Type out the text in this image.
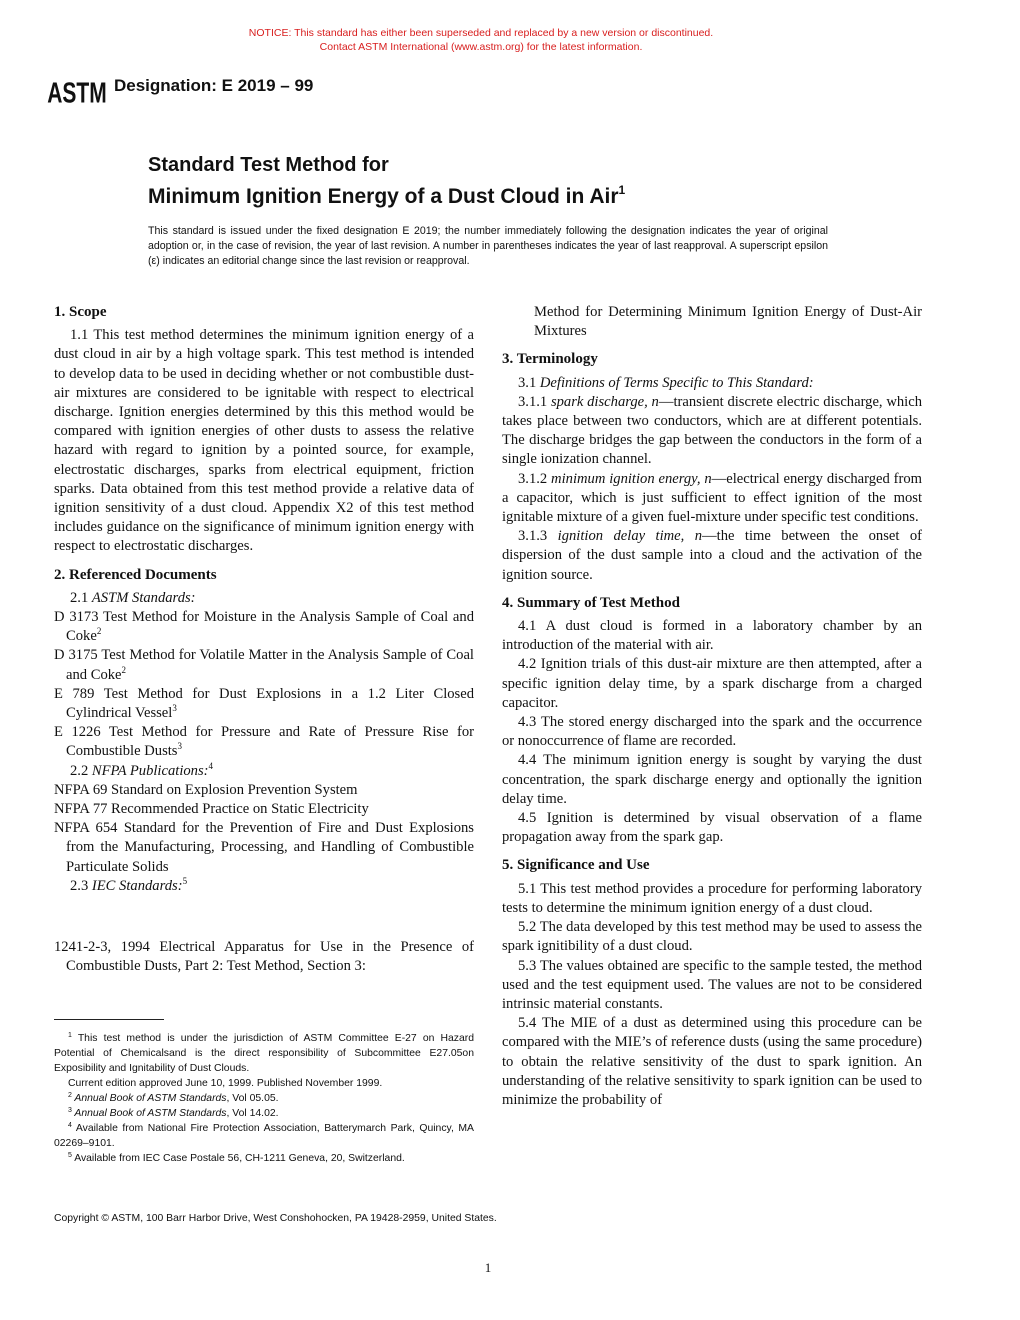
NOTICE: This standard has either been superseded and replaced by a new version or discontinued.
Contact ASTM International (www.astm.org) for the latest information.
ASTM Designation: E 2019 – 99
Standard Test Method for
Minimum Ignition Energy of a Dust Cloud in Air$^1$
This standard is issued under the fixed designation E 2019; the number immediately following the designation indicates the year of original adoption or, in the case of revision, the year of last revision. A number in parentheses indicates the year of last reapproval. A superscript epsilon (ε) indicates an editorial change since the last revision or reapproval.
1. Scope

1.1 This test method determines the minimum ignition energy of a dust cloud in air by a high voltage spark. This test method is intended to develop data to be used in deciding whether or not combustible dust-air mixtures are considered to be ignitable with respect to electrical discharge. Ignition energies determined by this this method would be compared with ignition energies of other dusts to assess the relative hazard with regard to ignition by a pointed source, for example, electrostatic discharges, sparks from electrical equipment, friction sparks. Data obtained from this test method provide a relative data of ignition sensitivity of a dust cloud. Appendix X2 of this test method includes guidance on the significance of minimum ignition energy with respect to electrostatic discharges.

2. Referenced Documents

2.1 ASTM Standards:

D 3173 Test Method for Moisture in the Analysis Sample of Coal and Coke$^2$

D 3175 Test Method for Volatile Matter in the Analysis Sample of Coal and Coke$^2$

E 789 Test Method for Dust Explosions in a 1.2 Liter Closed Cylindrical Vessel$^3$

E 1226 Test Method for Pressure and Rate of Pressure Rise for Combustible Dusts$^3$

2.2 NFPA Publications:$^4$

NFPA 69 Standard on Explosion Prevention System

NFPA 77 Recommended Practice on Static Electricity

NFPA 654 Standard for the Prevention of Fire and Dust Explosions from the Manufacturing, Processing, and Handling of Combustible Particulate Solids

2.3 IEC Standards:$^5$

1241-2-3, 1994 Electrical Apparatus for Use in the Presence of Combustible Dusts, Part 2: Test Method, Section 3:

Method for Determining Minimum Ignition Energy of Dust-Air Mixtures

3. Terminology

3.1 Definitions of Terms Specific to This Standard:

3.1.1 spark discharge, n—transient discrete electric discharge, which takes place between two conductors, which are at different potentials. The discharge bridges the gap between the conductors in the form of a single ionization channel.

3.1.2 minimum ignition energy, n—electrical energy discharged from a capacitor, which is just sufficient to effect ignition of the most ignitable mixture of a given fuel-mixture under specific test conditions.

3.1.3 ignition delay time, n—the time between the onset of dispersion of the dust sample into a cloud and the activation of the ignition source.

4. Summary of Test Method

4.1 A dust cloud is formed in a laboratory chamber by an introduction of the material with air.

4.2 Ignition trials of this dust-air mixture are then attempted, after a specific ignition delay time, by a spark discharge from a charged capacitor.

4.3 The stored energy discharged into the spark and the occurrence or nonoccurrence of flame are recorded.

4.4 The minimum ignition energy is sought by varying the dust concentration, the spark discharge energy and optionally the ignition delay time.

4.5 Ignition is determined by visual observation of a flame propagation away from the spark gap.

5. Significance and Use

5.1 This test method provides a procedure for performing laboratory tests to determine the minimum ignition energy of a dust cloud.

5.2 The data developed by this test method may be used to assess the spark ignitibility of a dust cloud.

5.3 The values obtained are specific to the sample tested, the method used and the test equipment used. The values are not to be considered intrinsic material constants.

5.4 The MIE of a dust as determined using this procedure can be compared with the MIE’s of reference dusts (using the same procedure) to obtain the relative sensitivity of the dust to spark ignition. An understanding of the relative sensitivity to spark ignition can be used to minimize the probability of

$^1$ This test method is under the jurisdiction of ASTM Committee E-27 on Hazard Potential of Chemicalsand is the direct responsibility of Subcommittee E27.05on Exposibility and Ignitability of Dust Clouds.

Current edition approved June 10, 1999. Published November 1999.

$^2$ Annual Book of ASTM Standards, Vol 05.05.

$^3$ Annual Book of ASTM Standards, Vol 14.02.

$^4$ Available from National Fire Protection Association, Batterymarch Park, Quincy, MA 02269–9101.

$^5$ Available from IEC Case Postale 56, CH-1211 Geneva, 20, Switzerland.

Copyright © ASTM, 100 Barr Harbor Drive, West Conshohocken, PA 19428-2959, United States.
1
